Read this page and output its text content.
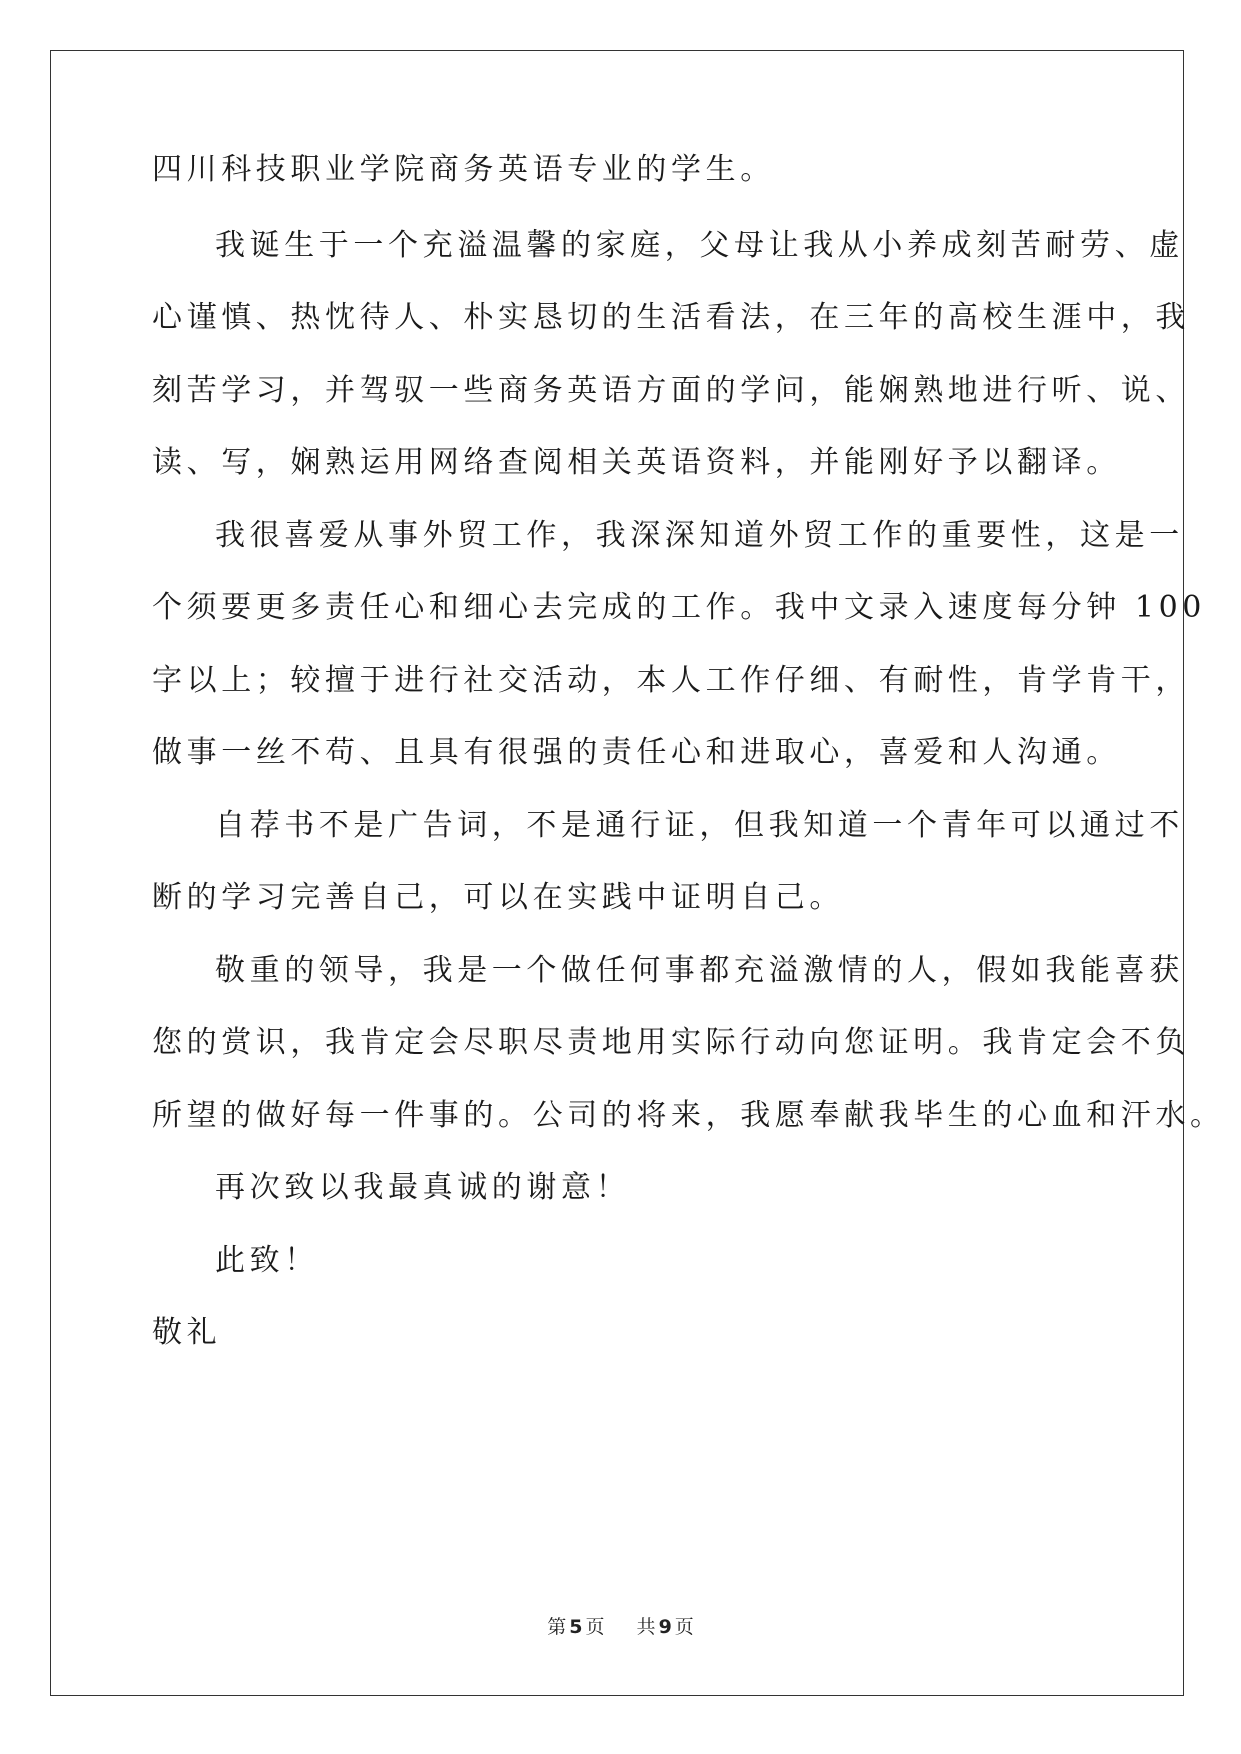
四川科技职业学院商务英语专业的学生。
我诞生于一个充溢温馨的家庭，父母让我从小养成刻苦耐劳、虚
心谨慎、热忱待人、朴实恳切的生活看法，在三年的高校生涯中，我
刻苦学习，并驾驭一些商务英语方面的学问，能娴熟地进行听、说、
读、写，娴熟运用网络查阅相关英语资料，并能刚好予以翻译。
我很喜爱从事外贸工作，我深深知道外贸工作的重要性，这是一
个须要更多责任心和细心去完成的工作。我中文录入速度每分钟 100
字以上；较擅于进行社交活动，本人工作仔细、有耐性，肯学肯干，
做事一丝不苟、且具有很强的责任心和进取心，喜爱和人沟通。
自荐书不是广告词，不是通行证，但我知道一个青年可以通过不
断的学习完善自己，可以在实践中证明自己。
敬重的领导，我是一个做任何事都充溢激情的人，假如我能喜获
您的赏识，我肯定会尽职尽责地用实际行动向您证明。我肯定会不负
所望的做好每一件事的。公司的将来，我愿奉献我毕生的心血和汗水。
再次致以我最真诚的谢意！
此致！
敬礼
第 5 页 共 9 页
